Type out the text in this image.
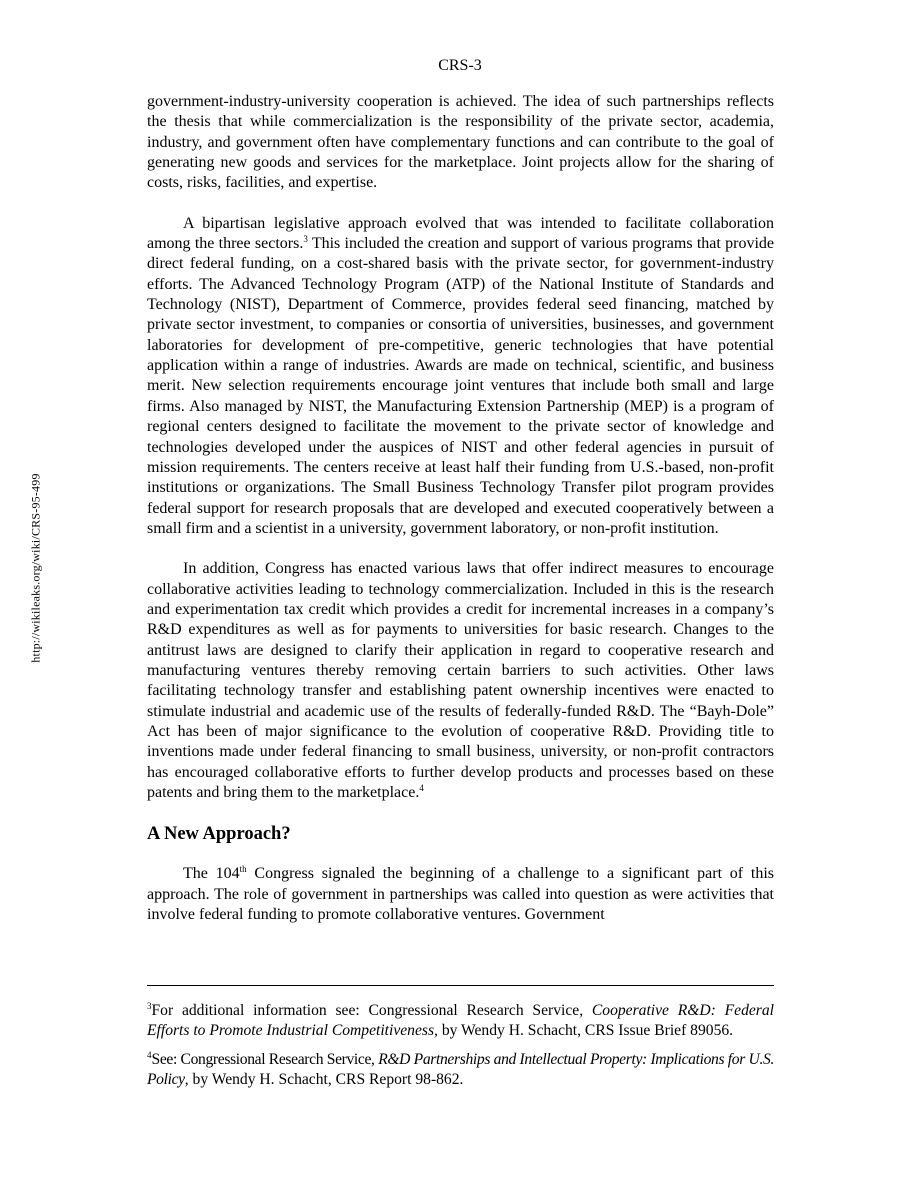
CRS-3
http://wikileaks.org/wiki/CRS-95-499

government-industry-university cooperation is achieved. The idea of such partnerships reflects the thesis that while commercialization is the responsibility of the private sector, academia, industry, and government often have complementary functions and can contribute to the goal of generating new goods and services for the marketplace. Joint projects allow for the sharing of costs, risks, facilities, and expertise.

A bipartisan legislative approach evolved that was intended to facilitate collaboration among the three sectors.$^3$ This included the creation and support of various programs that provide direct federal funding, on a cost-shared basis with the private sector, for government-industry efforts. The Advanced Technology Program (ATP) of the National Institute of Standards and Technology (NIST), Department of Commerce, provides federal seed financing, matched by private sector investment, to companies or consortia of universities, businesses, and government laboratories for development of pre-competitive, generic technologies that have potential application within a range of industries. Awards are made on technical, scientific, and business merit. New selection requirements encourage joint ventures that include both small and large firms. Also managed by NIST, the Manufacturing Extension Partnership (MEP) is a program of regional centers designed to facilitate the movement to the private sector of knowledge and technologies developed under the auspices of NIST and other federal agencies in pursuit of mission requirements. The centers receive at least half their funding from U.S.-based, non-profit institutions or organizations. The Small Business Technology Transfer pilot program provides federal support for research proposals that are developed and executed cooperatively between a small firm and a scientist in a university, government laboratory, or non-profit institution.

In addition, Congress has enacted various laws that offer indirect measures to encourage collaborative activities leading to technology commercialization. Included in this is the research and experimentation tax credit which provides a credit for incremental increases in a company’s R&D expenditures as well as for payments to universities for basic research. Changes to the antitrust laws are designed to clarify their application in regard to cooperative research and manufacturing ventures thereby removing certain barriers to such activities. Other laws facilitating technology transfer and establishing patent ownership incentives were enacted to stimulate industrial and academic use of the results of federally-funded R&D. The “Bayh-Dole” Act has been of major significance to the evolution of cooperative R&D. Providing title to inventions made under federal financing to small business, university, or non-profit contractors has encouraged collaborative efforts to further develop products and processes based on these patents and bring them to the marketplace.$^4$

A New Approach?

The 104th Congress signaled the beginning of a challenge to a significant part of this approach. The role of government in partnerships was called into question as were activities that involve federal funding to promote collaborative ventures. Government

$^3$For additional information see: Congressional Research Service, Cooperative R&D: Federal Efforts to Promote Industrial Competitiveness, by Wendy H. Schacht, CRS Issue Brief 89056.

$^4$See: Congressional Research Service, R&D Partnerships and Intellectual Property: Implications for U.S. Policy, by Wendy H. Schacht, CRS Report 98-862.
